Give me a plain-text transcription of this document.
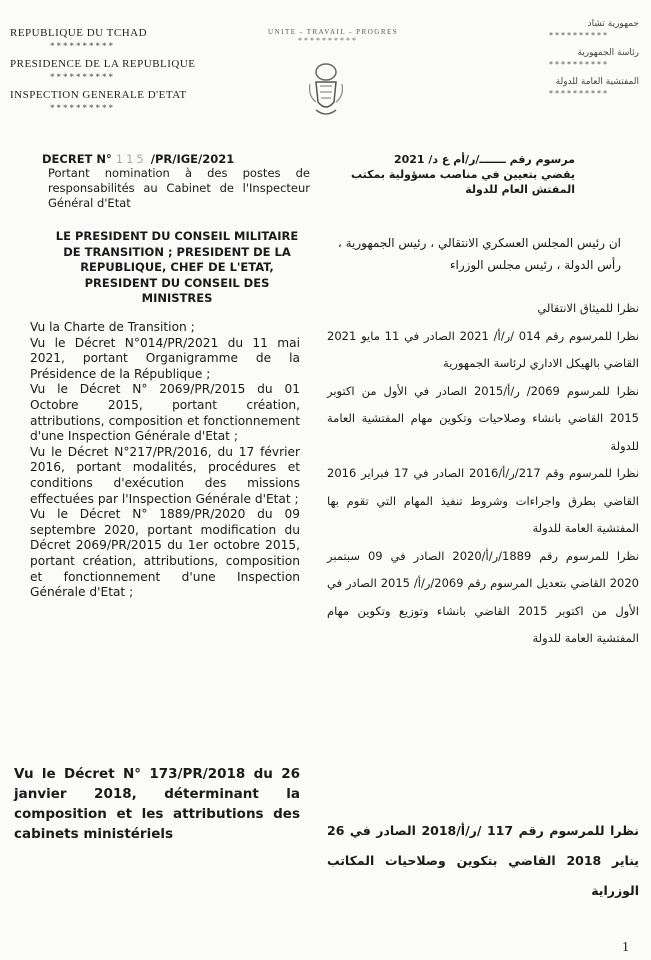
REPUBLIQUE DU TCHAD
**********
PRESIDENCE DE LA REPUBLIQUE
**********
INSPECTION GENERALE D'ETAT
**********
UNITE - TRAVAIL - PROGRES
**********
جمهورية تشاد
**********
رئاسة الجمهورية
**********
المفتشية العامة للدولة
**********
DECRET N° 115 /PR/IGE/2021
Portant nomination à des postes de responsabilités au Cabinet de l'Inspecteur Général d'Etat
LE PRESIDENT DU CONSEIL MILITAIRE DE TRANSITION ; PRESIDENT DE LA REPUBLIQUE, CHEF DE L'ETAT, PRESIDENT DU CONSEIL DES MINISTRES

Vu la Charte de Transition ;

Vu le Décret N°014/PR/2021 du 11 mai 2021, portant Organigramme de la Présidence de la République ;

Vu le Décret N° 2069/PR/2015 du 01 Octobre 2015, portant création, attributions, composition et fonctionnement d'une Inspection Générale d'Etat ;

Vu le Décret N°217/PR/2016, du 17 février 2016, portant modalités, procédures et conditions d'exécution des missions effectuées par l'Inspection Générale d'Etat ;

Vu le Décret N° 1889/PR/2020 du 09 septembre 2020, portant modification du Décret 2069/PR/2015 du 1er octobre 2015, portant création, attributions, composition et fonctionnement d'une Inspection Générale d'Etat ;

Vu le Décret N° 173/PR/2018 du 26 janvier 2018, déterminant la composition et les attributions des cabinets ministériels
مرسوم رقم ـــــــ/ر/أم ع د/ 2021
يقضي بتعيين في مناصب مسؤولية بمكتب المفتش العام للدولة
ان رئيس المجلس العسكري الانتقالي ، رئيس الجمهورية ، رأس الدولة ، رئيس مجلس الوزراء

نظرا للميثاق الانتقالي

نظرا للمرسوم رقم 014 /ر/أ/ 2021 الصادر في 11 مايو 2021 القاضي بالهيكل الاداري لرئاسة الجمهورية

نظرا للمرسوم 2069/ ر/أ/2015 الصادر في الأول من اكتوبر 2015 القاضي بانشاء وصلاحيات وتكوين مهام المفتشية العامة للدولة

نظرا للمرسوم وقم 217/ر/أ/2016 الصادر في 17 فبراير 2016 القاضي بطرق واجراءات وشروط تنفيذ المهام التي تقوم بها المفتشية العامة للدولة

نظرا للمرسوم رقم 1889/ر/أ/2020 الصادر في 09 سبتمبر 2020 القاضي بتعديل المرسوم رقم 2069/ر/أ/ 2015 الصادر في الأول من اكتوبر 2015 القاضي بانشاء وتوزيع وتكوين مهام المفتشية العامة للدولة

نظرا للمرسوم رقم 117 /ر/أ/2018 الصادر في 26 يناير 2018 القاضي بتكوين وصلاحيات المكاتب الوزراية

1
